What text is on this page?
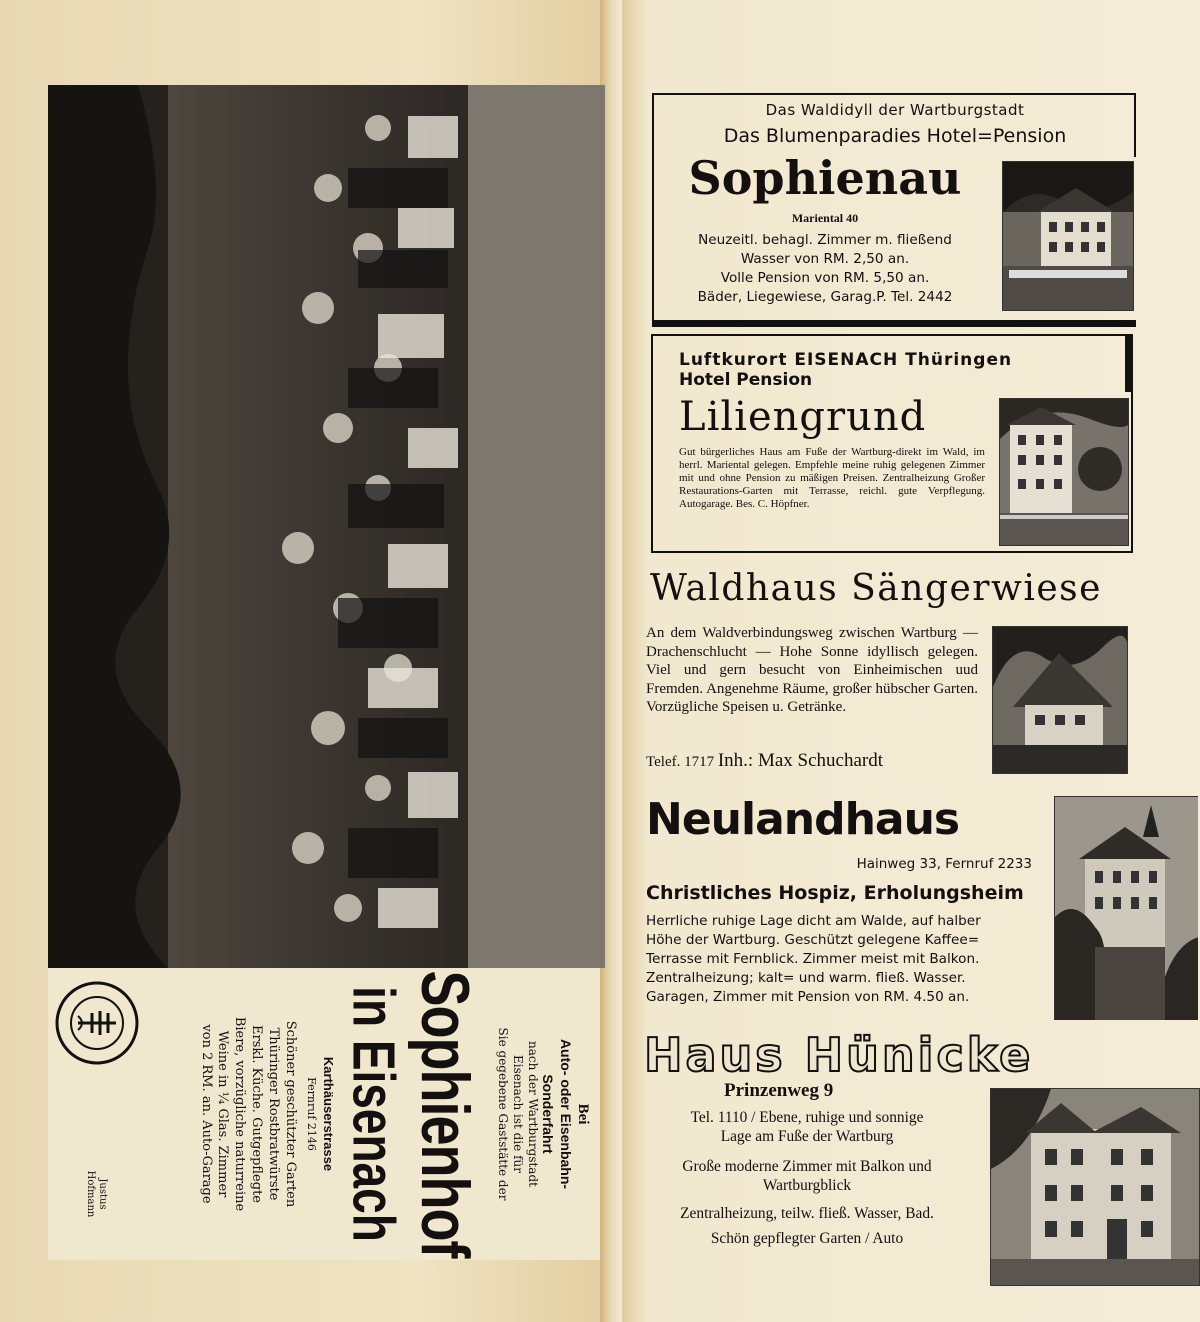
Bei
Auto- oder Eisenbahn-
Sonderfahrt
nach der Wartburgstadt
Eisenach ist die für
Sie gegebene Gaststätte der
Sophienhof
in Eisenach
Karthäuserstrasse
Fernruf 2146
Schöner geschützter Garten
Thüringer Rostbratwürste
Erskl. Küche. Gutgepflegte
Biere, vorzügliche naturreine
Weine in ¼ Glas. Zimmer
von 2 RM. an. Auto-Garage
Justus
Hofmann
Das Waldidyll der Wartburgstadt
Das Blumenparadies Hotel=Pension
Sophienau
Mariental 40
Neuzeitl. behagl. Zimmer m. fließend
Wasser von RM. 2,50 an.
Volle Pension von RM. 5,50 an.
Bäder, Liegewiese, Garag.P. Tel. 2442
Luftkurort EISENACH Thüringen
Hotel Pension
Liliengrund
Gut bürgerliches Haus am Fuße der Wartburg-direkt im Wald, im herrl. Mariental gelegen. Empfehle meine ruhig gelegenen Zimmer mit und ohne Pension zu mäßigen Preisen. Zentralheizung Großer Restaurations-Garten mit Terrasse, reichl. gute Verpflegung. Autogarage. Bes. C. Höpfner.
Waldhaus Sängerwiese
An dem Waldverbindungsweg zwischen Wartburg — Drachenschlucht — Hohe Sonne idyllisch gelegen. Viel und gern besucht von Einheimischen uud Fremden. Angenehme Räume, großer hübscher Garten. Vorzügliche Speisen u. Getränke.
Telef. 1717 Inh.: Max Schuchardt
Neulandhaus
Hainweg 33, Fernruf 2233
Christliches Hospiz, Erholungsheim
Herrliche ruhige Lage dicht am Walde, auf halber
Höhe der Wartburg. Geschützt gelegene Kaffee=
Terrasse mit Fernblick. Zimmer meist mit Balkon.
Zentralheizung; kalt= und warm. fließ. Wasser.
Garagen, Zimmer mit Pension von RM. 4.50 an.
Haus Hünicke
Prinzenweg 9
Tel. 1110 / Ebene, ruhige und sonnige
Lage am Fuße der Wartburg
Große moderne Zimmer mit Balkon und
Wartburgblick
Zentralheizung, teilw. fließ. Wasser, Bad.
Schön gepflegter Garten / Auto
